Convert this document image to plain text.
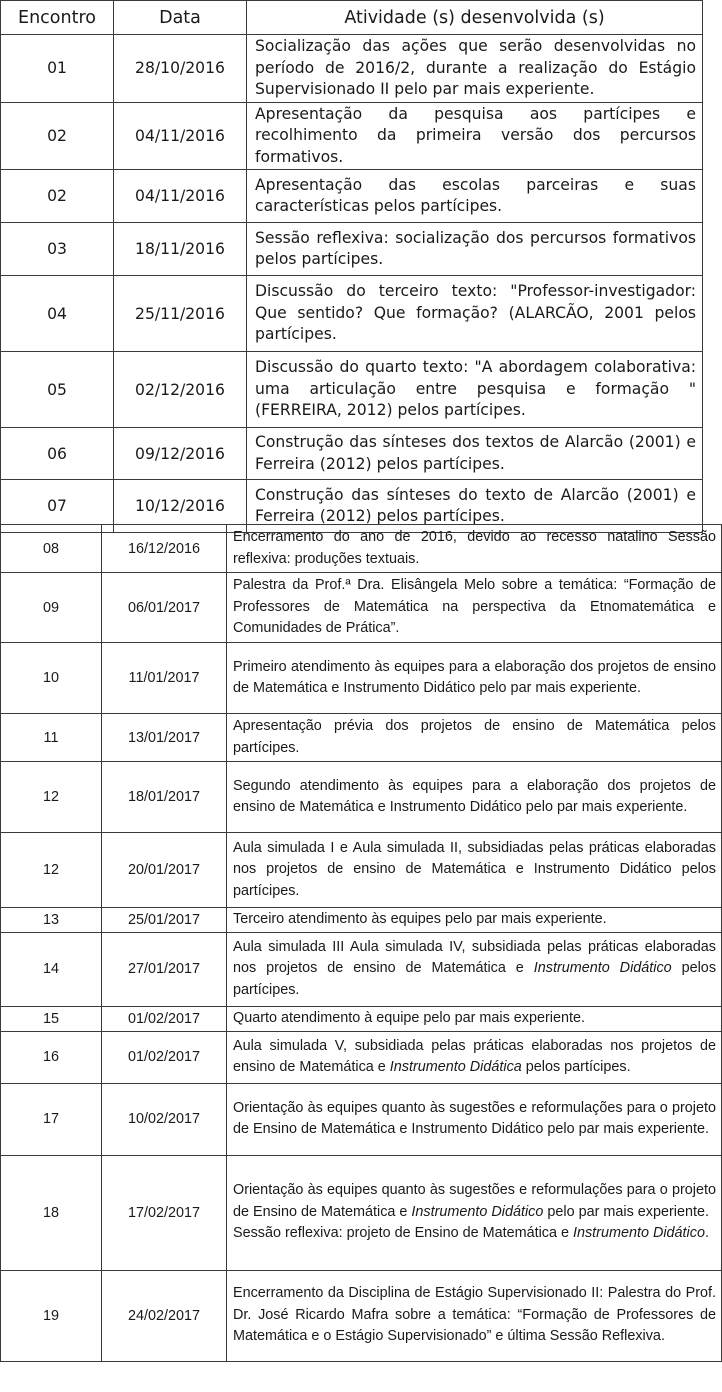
Encontro	Data	Atividade (s) desenvolvida (s)
01	28/10/2016	Socialização das ações que serão desenvolvidas no período de 2016/2, durante a realização do Estágio Supervisionado II pelo par mais experiente.
02	04/11/2016	Apresentação da pesquisa aos partícipes e recolhimento da primeira versão dos percursos formativos.
02	04/11/2016	Apresentação das escolas parceiras e suas características pelos partícipes.
03	18/11/2016	Sessão reflexiva: socialização dos percursos formativos pelos partícipes.
04	25/11/2016	Discussão do terceiro texto: "Professor-investigador: Que sentido? Que formação? (ALARCÃO, 2001 pelos partícipes.
05	02/12/2016	Discussão do quarto texto: "A abordagem colaborativa: uma articulação entre pesquisa e formação " (FERREIRA, 2012) pelos partícipes.
06	09/12/2016	Construção das sínteses dos textos de Alarcão (2001) e Ferreira (2012) pelos partícipes.
07	10/12/2016	Construção das sínteses do texto de Alarcão (2001) e Ferreira (2012) pelos partícipes.
08	16/12/2016	Encerramento do ano de 2016, devido ao recesso natalino Sessão reflexiva: produções textuais.
09	06/01/2017	Palestra da Prof.ª Dra. Elisângela Melo sobre a temática: “Formação de Professores de Matemática na perspectiva da Etnomatemática e Comunidades de Prática”.
10	11/01/2017	Primeiro atendimento às equipes para a elaboração dos projetos de ensino de Matemática e Instrumento Didático pelo par mais experiente.
11	13/01/2017	Apresentação prévia dos projetos de ensino de Matemática pelos partícipes.
12	18/01/2017	Segundo atendimento às equipes para a elaboração dos projetos de ensino de Matemática e Instrumento Didático pelo par mais experiente.
12	20/01/2017	Aula simulada I e Aula simulada II, subsidiadas pelas práticas elaboradas nos projetos de ensino de Matemática e Instrumento Didático pelos partícipes.
13	25/01/2017	Terceiro atendimento às equipes pelo par mais experiente.
14	27/01/2017	Aula simulada III Aula simulada IV, subsidiada pelas práticas elaboradas nos projetos de ensino de Matemática e Instrumento Didático pelos partícipes.
15	01/02/2017	Quarto atendimento à equipe pelo par mais experiente.
16	01/02/2017	Aula simulada V, subsidiada pelas práticas elaboradas nos projetos de ensino de Matemática e Instrumento Didática pelos partícipes.
17	10/02/2017	Orientação às equipes quanto às sugestões e reformulações para o projeto de Ensino de Matemática e Instrumento Didático pelo par mais experiente.
18	17/02/2017	Orientação às equipes quanto às sugestões e reformulações para o projeto de Ensino de Matemática e Instrumento Didático pelo par mais experiente.
Sessão reflexiva: projeto de Ensino de Matemática e Instrumento Didático.

19	24/02/2017	Encerramento da Disciplina de Estágio Supervisionado II: Palestra do Prof. Dr. José Ricardo Mafra sobre a temática: “Formação de Professores de Matemática e o Estágio Supervisionado” e última Sessão Reflexiva.
